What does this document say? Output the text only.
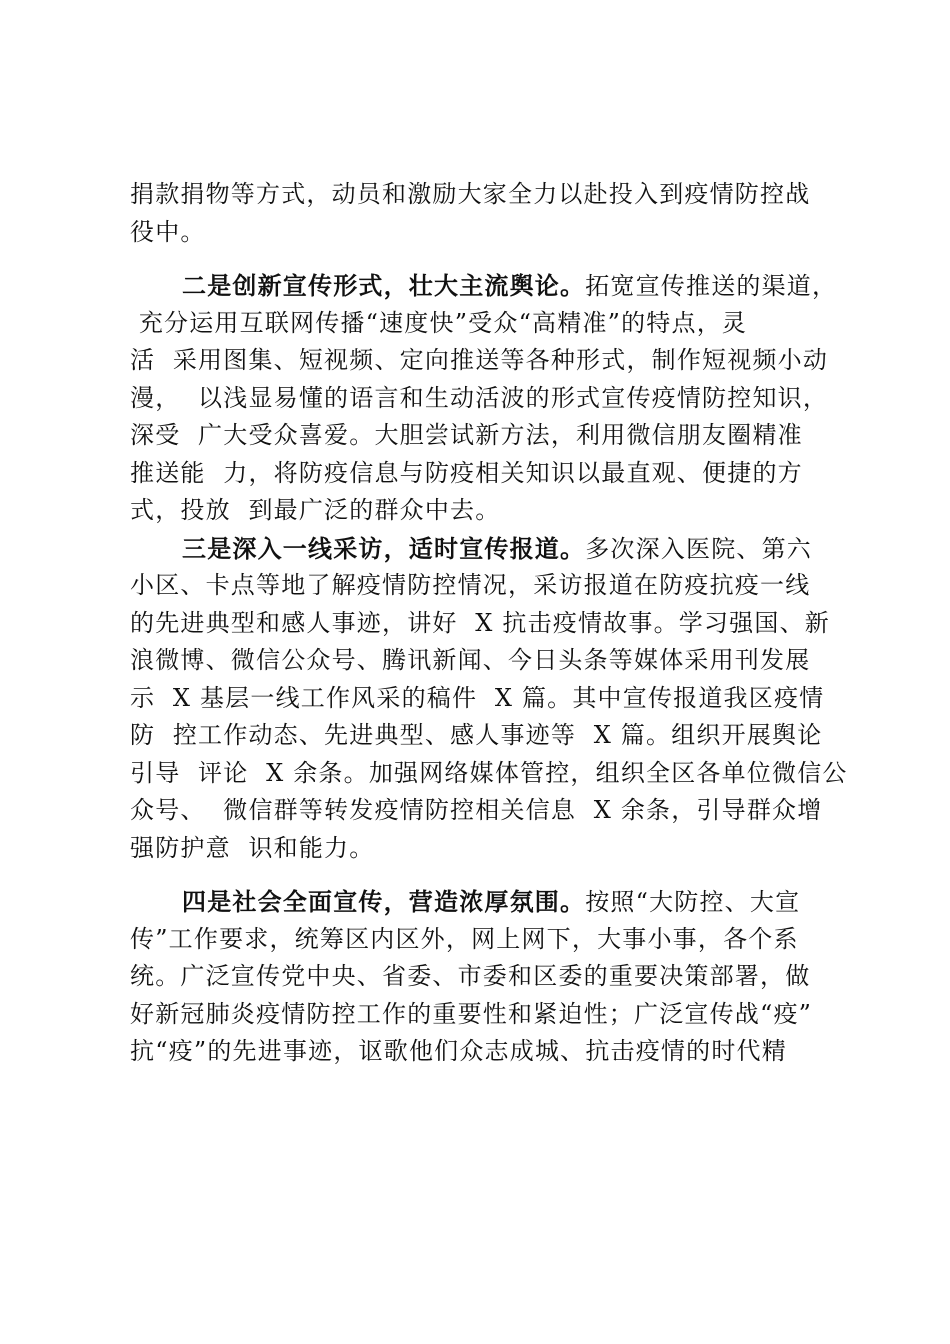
捐款捐物等方式，动员和激励大家全力以赴投入到疫情防控战
役中。
二是创新宣传形式，壮大主流舆论。拓宽宣传推送的渠道，
充分运用互联网传播“速度快”受众“高精准”的特点，灵
活  采用图集、短视频、定向推送等各种形式，制作短视频小动
漫，  以浅显易懂的语言和生动活波的形式宣传疫情防控知识，
深受  广大受众喜爱。大胆尝试新方法，利用微信朋友圈精准
推送能  力，将防疫信息与防疫相关知识以最直观、便捷的方
式，投放  到最广泛的群众中去。
三是深入一线采访，适时宣传报道。多次深入医院、第六
小区、卡点等地了解疫情防控情况，采访报道在防疫抗疫一线
的先进典型和感人事迹，讲好  X 抗击疫情故事。学习强国、新
浪微博、微信公众号、腾讯新闻、今日头条等媒体采用刊发展
示  X 基层一线工作风采的稿件  X 篇。其中宣传报道我区疫情
防  控工作动态、先进典型、感人事迹等  X 篇。组织开展舆论
引导  评论  X 余条。加强网络媒体管控，组织全区各单位微信公
众号、  微信群等转发疫情防控相关信息  X 余条，引导群众增
强防护意  识和能力。
四是社会全面宣传，营造浓厚氛围。按照“大防控、大宣
传”工作要求，统筹区内区外，网上网下，大事小事，各个系
统。广泛宣传党中央、省委、市委和区委的重要决策部署，做
好新冠肺炎疫情防控工作的重要性和紧迫性；广泛宣传战“疫”
抗“疫”的先进事迹，讴歌他们众志成城、抗击疫情的时代精
